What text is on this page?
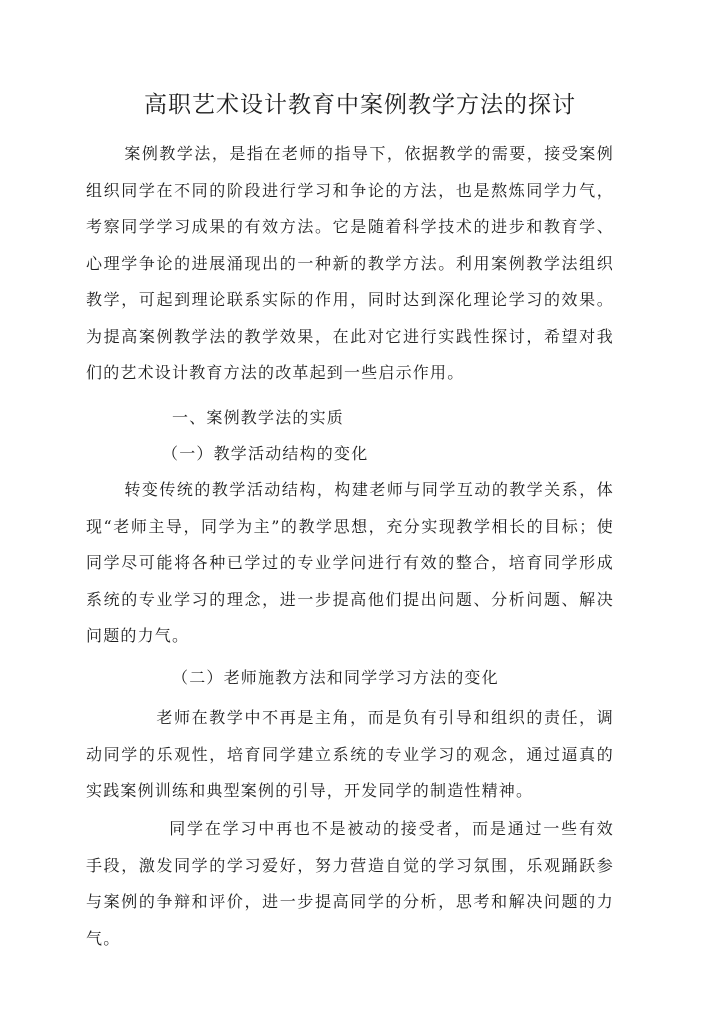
高职艺术设计教育中案例教学方法的探讨

案例教学法，是指在老师的指导下，依据教学的需要，接受案例组织同学在不同的阶段进行学习和争论的方法，也是熬炼同学力气，考察同学学习成果的有效方法。它是随着科学技术的进步和教育学、心理学争论的进展涌现出的一种新的教学方法。利用案例教学法组织教学，可起到理论联系实际的作用，同时达到深化理论学习的效果。为提高案例教学法的教学效果，在此对它进行实践性探讨，希望对我们的艺术设计教育方法的改革起到一些启示作用。

一、案例教学法的实质
（一）教学活动结构的变化

转变传统的教学活动结构，构建老师与同学互动的教学关系，体现“老师主导，同学为主”的教学思想，充分实现教学相长的目标；使同学尽可能将各种已学过的专业学问进行有效的整合，培育同学形成系统的专业学习的理念，进一步提高他们提出问题、分析问题、解决问题的力气。

（二）老师施教方法和同学学习方法的变化

老师在教学中不再是主角，而是负有引导和组织的责任，调动同学的乐观性，培育同学建立系统的专业学习的观念，通过逼真的实践案例训练和典型案例的引导，开发同学的制造性精神。

同学在学习中再也不是被动的接受者，而是通过一些有效手段，激发同学的学习爱好，努力营造自觉的学习氛围，乐观踊跃参与案例的争辩和评价，进一步提高同学的分析，思考和解决问题的力气。
